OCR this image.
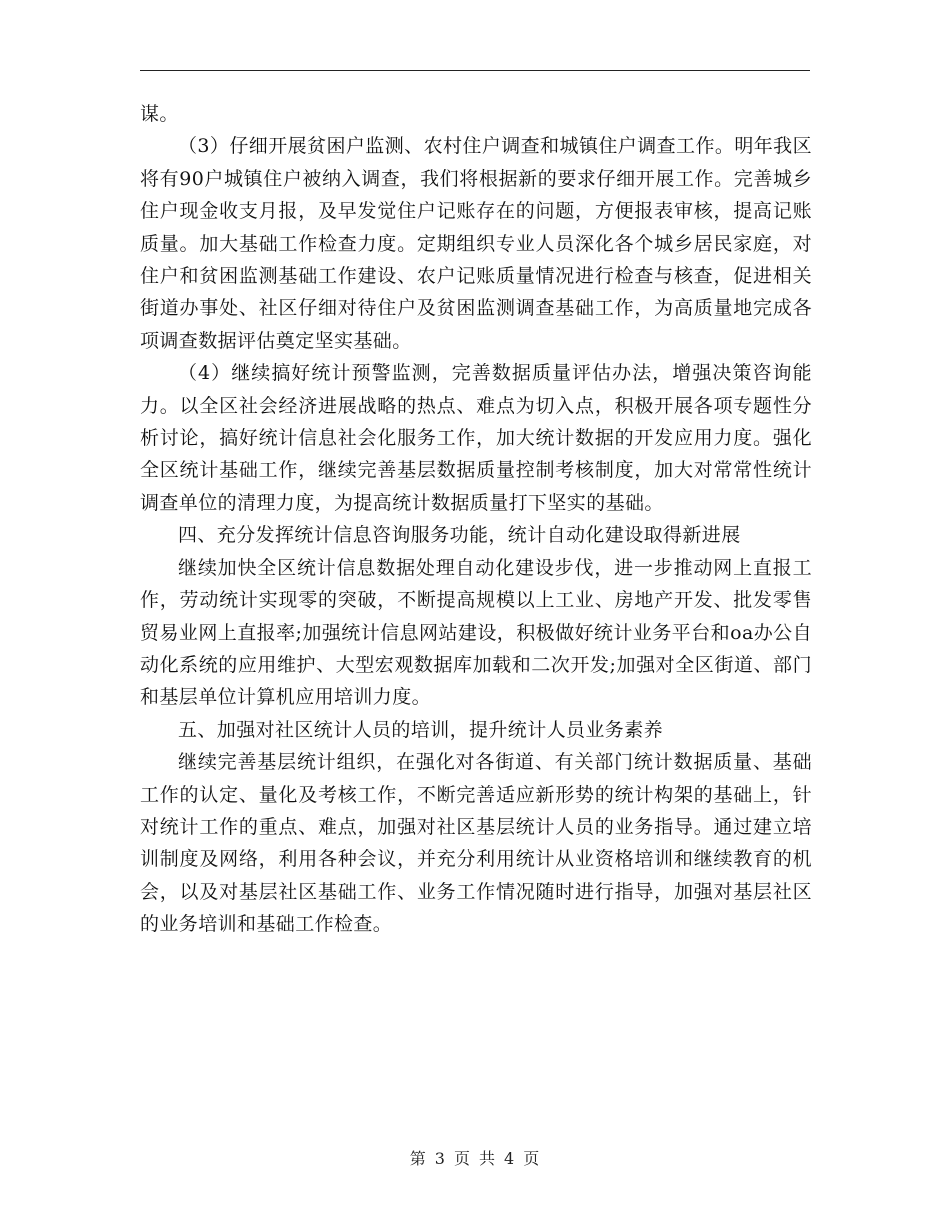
谋。

（3）仔细开展贫困户监测、农村住户调查和城镇住户调查工作。明年我区将有90户城镇住户被纳入调查，我们将根据新的要求仔细开展工作。完善城乡住户现金收支月报，及早发觉住户记账存在的问题，方便报表审核，提高记账质量。加大基础工作检查力度。定期组织专业人员深化各个城乡居民家庭，对住户和贫困监测基础工作建设、农户记账质量情况进行检查与核查，促进相关街道办事处、社区仔细对待住户及贫困监测调查基础工作，为高质量地完成各项调查数据评估奠定坚实基础。

（4）继续搞好统计预警监测，完善数据质量评估办法，增强决策咨询能力。以全区社会经济进展战略的热点、难点为切入点，积极开展各项专题性分析讨论，搞好统计信息社会化服务工作，加大统计数据的开发应用力度。强化全区统计基础工作，继续完善基层数据质量控制考核制度，加大对常常性统计调查单位的清理力度，为提高统计数据质量打下坚实的基础。

四、充分发挥统计信息咨询服务功能，统计自动化建设取得新进展

继续加快全区统计信息数据处理自动化建设步伐，进一步推动网上直报工作，劳动统计实现零的突破，不断提高规模以上工业、房地产开发、批发零售贸易业网上直报率;加强统计信息网站建设，积极做好统计业务平台和oa办公自动化系统的应用维护、大型宏观数据库加载和二次开发;加强对全区街道、部门和基层单位计算机应用培训力度。

五、加强对社区统计人员的培训，提升统计人员业务素养

继续完善基层统计组织，在强化对各街道、有关部门统计数据质量、基础工作的认定、量化及考核工作，不断完善适应新形势的统计构架的基础上，针对统计工作的重点、难点，加强对社区基层统计人员的业务指导。通过建立培训制度及网络，利用各种会议，并充分利用统计从业资格培训和继续教育的机会，以及对基层社区基础工作、业务工作情况随时进行指导，加强对基层社区的业务培训和基础工作检查。

第 3 页 共 4 页
